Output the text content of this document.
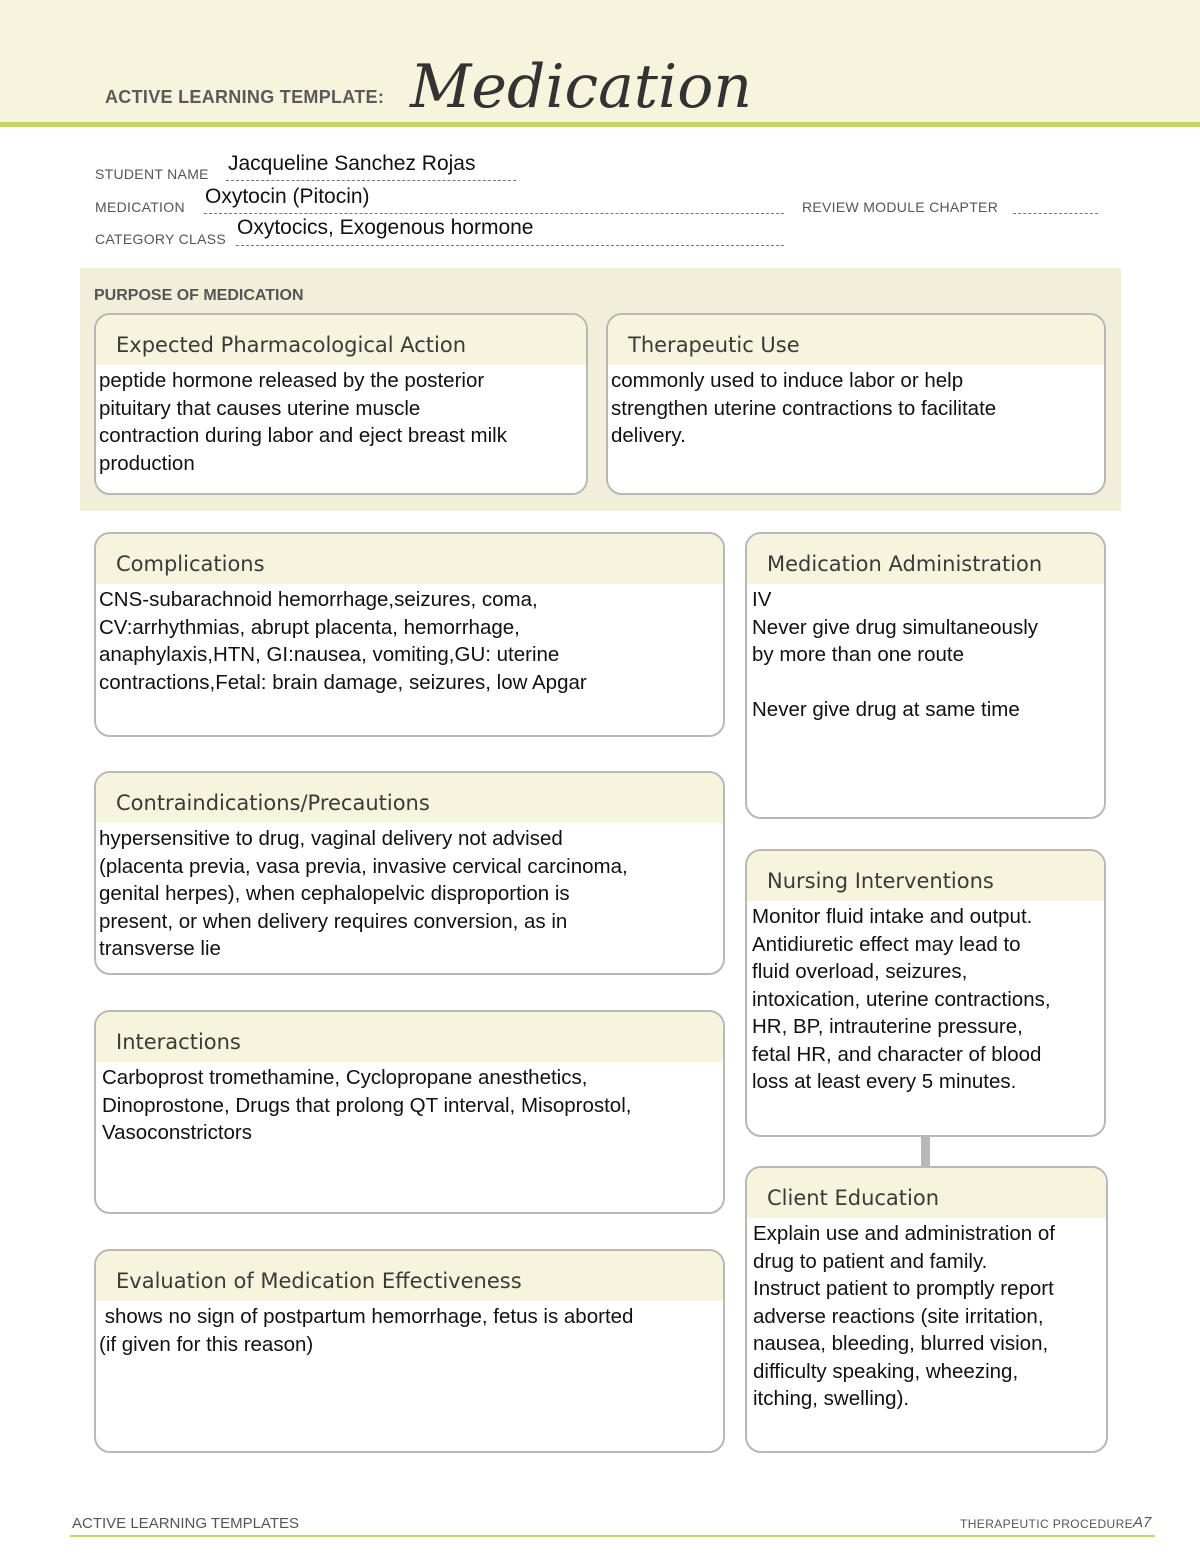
ACTIVE LEARNING TEMPLATE: Medication
STUDENT NAME Jacqueline Sanchez Rojas
MEDICATION Oxytocin (Pitocin)	REVIEW MODULE CHAPTER
CATEGORY CLASS Oxytocics, Exogenous hormone
PURPOSE OF MEDICATION
Expected Pharmacological Action
peptide hormone released by the posterior
pituitary that causes uterine muscle
contraction during labor and eject breast milk
production
Therapeutic Use
commonly used to induce labor or help
strengthen uterine contractions to facilitate
delivery.
Complications
CNS-subarachnoid hemorrhage,seizures, coma,
CV:arrhythmias, abrupt placenta, hemorrhage,
anaphylaxis,HTN, GI:nausea, vomiting,GU: uterine
contractions,Fetal: brain damage, seizures, low Apgar
Contraindications/Precautions
hypersensitive to drug, vaginal delivery not advised
(placenta previa, vasa previa, invasive cervical carcinoma,
genital herpes), when cephalopelvic disproportion is
present, or when delivery requires conversion, as in
transverse lie
Interactions
Carboprost tromethamine, Cyclopropane anesthetics,
Dinoprostone, Drugs that prolong QT interval, Misoprostol,
Vasoconstrictors
Evaluation of Medication Effectiveness
shows no sign of postpartum hemorrhage, fetus is aborted
(if given for this reason)
Medication Administration
IV
Never give drug simultaneously
by more than one route

Never give drug at same time
Nursing Interventions
Monitor fluid intake and output.
Antidiuretic effect may lead to
fluid overload, seizures,
intoxication, uterine contractions,
HR, BP, intrauterine pressure,
fetal HR, and character of blood
loss at least every 5 minutes.
Client Education
Explain use and administration of
drug to patient and family.
Instruct patient to promptly report
adverse reactions (site irritation,
nausea, bleeding, blurred vision,
difficulty speaking, wheezing,
itching, swelling).
ACTIVE LEARNING TEMPLATES	THERAPEUTIC PROCEDURE A7
